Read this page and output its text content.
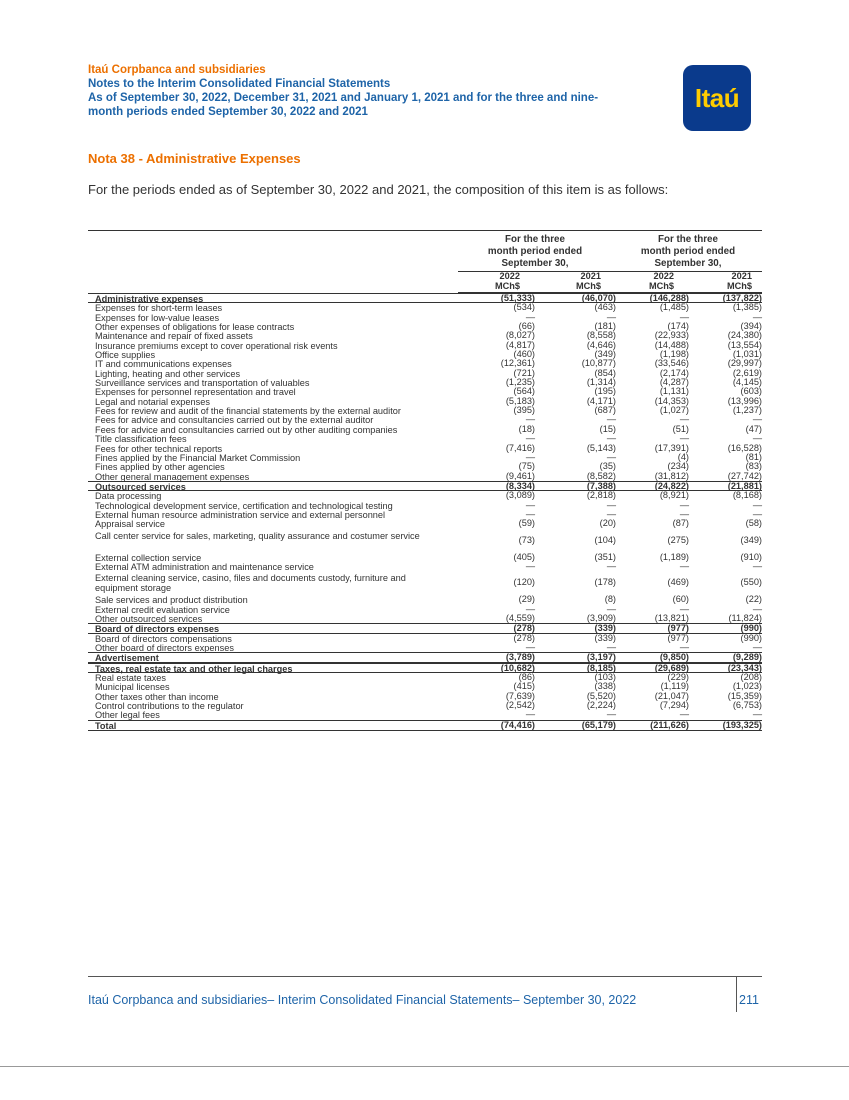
Itaú Corpbanca and subsidiaries
Notes to the Interim Consolidated Financial Statements
As of September 30, 2022, December 31, 2021 and January 1, 2021 and for the three and nine-
month periods ended September 30, 2022 and 2021	Itaú
Nota 38 - Administrative Expenses
For the periods ended as of September 30, 2022 and 2021, the composition of this item is as follows:
For the three
month period ended
September 30,
For the three
month period ended
September 30,
2022	2021	2022	2021
MCh$	MCh$	MCh$	MCh$
Administrative expenses	(51,333)	(46,070)	(146,288)	(137,822)
Expenses for short-term leases	(534)	(463)	(1,485)	(1,385)
Expenses for low-value leases	—	—	—	—
Other expenses of obligations for lease contracts	(66)	(181)	(174)	(394)
Maintenance and repair of fixed assets	(8,027)	(8,558)	(22,933)	(24,380)
Insurance premiums except to cover operational risk events	(4,817)	(4,646)	(14,488)	(13,554)
Office supplies	(460)	(349)	(1,198)	(1,031)
IT and communications expenses	(12,361)	(10,877)	(33,546)	(29,997)
Lighting, heating and other services	(721)	(854)	(2,174)	(2,619)
Surveillance services and transportation of valuables	(1,235)	(1,314)	(4,287)	(4,145)
Expenses for personnel representation and travel	(564)	(195)	(1,131)	(603)
Legal and notarial expenses	(5,183)	(4,171)	(14,353)	(13,996)
Fees for review and audit of the financial statements by the external auditor	(395)	(687)	(1,027)	(1,237)
Fees for advice and consultancies carried out by the external auditor	—	—	—	—
Fees for advice and consultancies carried out by other auditing companies	(18)	(15)	(51)	(47)
Title classification fees	—	—	—	—
Fees for other technical reports	(7,416)	(5,143)	(17,391)	(16,528)
Fines applied by the Financial Market Commission	—	—	(4)	(81)
Fines applied by other agencies	(75)	(35)	(234)	(83)
Other general management expenses	(9,461)	(8,582)	(31,812)	(27,742)
Outsourced services	(8,334)	(7,388)	(24,822)	(21,881)
Data processing	(3,089)	(2,818)	(8,921)	(8,168)
Technological development service, certification and technological testing	—	—	—	—
External human resource administration service and external personnel	—	—	—	—
Appraisal service	(59)	(20)	(87)	(58)
Call center service for sales, marketing, quality assurance and costumer service	(73)	(104)	(275)	(349)
External collection service	(405)	(351)	(1,189)	(910)
External ATM administration and maintenance service	—	—	—	—
External cleaning service, casino, files and documents custody, furniture and equipment storage
(120)	(178)	(469)	(550)
Sale services and product distribution	(29)	(8)	(60)	(22)
External credit evaluation service	—	—	—	—
Other outsourced services	(4,559)	(3,909)	(13,821)	(11,824)
Board of directors expenses	(278)	(339)	(977)	(990)
Board of directors compensations	(278)	(339)	(977)	(990)
Other board of directors expenses	—	—	—	—
Advertisement	(3,789)	(3,197)	(9,850)	(9,289)
Taxes, real estate tax and other legal charges	(10,682)	(8,185)	(29,689)	(23,343)
Real estate taxes	(86)	(103)	(229)	(208)
Municipal licenses	(415)	(338)	(1,119)	(1,023)
Other taxes other than income	(7,639)	(5,520)	(21,047)	(15,359)
Control contributions to the regulator	(2,542)	(2,224)	(7,294)	(6,753)
Other legal fees	—	—	—	—
Total	(74,416)	(65,179)	(211,626)	(193,325)
Itaú Corpbanca and subsidiaries– Interim Consolidated Financial Statements– September 30, 2022	211
